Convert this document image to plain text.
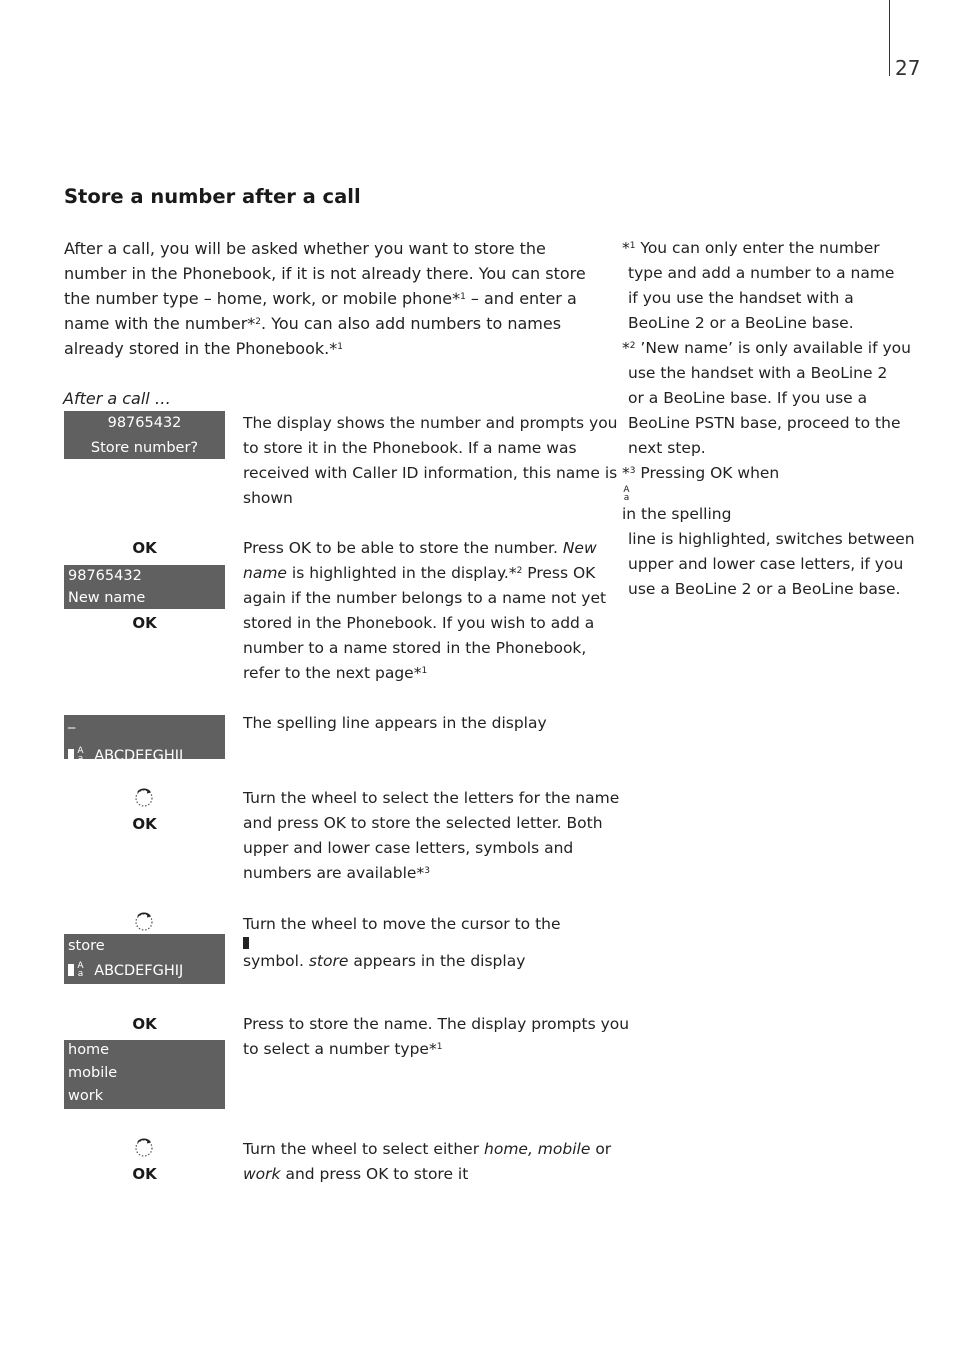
27
Store a number after a call
After a call, you will be asked whether you want to store the
number in the Phonebook, if it is not already there. You can store
the number type – home, work, or mobile phone*$^1$ – and enter a
name with the number*$^2$. You can also add numbers to names
already stored in the Phonebook.*$^1$
After a call …
98765432
Store number?
The display shows the number and prompts you
to store it in the Phonebook. If a name was
received with Caller ID information, this name is
shown
OK
98765432
New name
OK
Press OK to be able to store the number. New
name is highlighted in the display.*$^2$ Press OK
again if the number belongs to a name not yet
stored in the Phonebook. If you wish to add a
number to a name stored in the Phonebook,
refer to the next page*$^1$
_
A
a ABCDEFGHIJ
The spelling line appears in the display
OK
Turn the wheel to select the letters for the name
and press OK to store the selected letter. Both
upper and lower case letters, symbols and
numbers are available*$^3$
store
A
a ABCDEFGHIJ
Turn the wheel to move the cursor to the
symbol. store appears in the display
OK
home
mobile
work
Press to store the name. The display prompts you
to select a number type*$^1$
OK
Turn the wheel to select either home, mobile or
work and press OK to store it
*$^1$ You can only enter the number
type and add a number to a name
if you use the handset with a
BeoLine 2 or a BeoLine base.
*$^2$ ’New name’ is only available if you
use the handset with a BeoLine 2
or a BeoLine base. If you use a
BeoLine PSTN base, proceed to the
next step.
*$^3$ Pressing OK when
A
a
in the spelling
line is highlighted, switches between
upper and lower case letters, if you
use a BeoLine 2 or a BeoLine base.
